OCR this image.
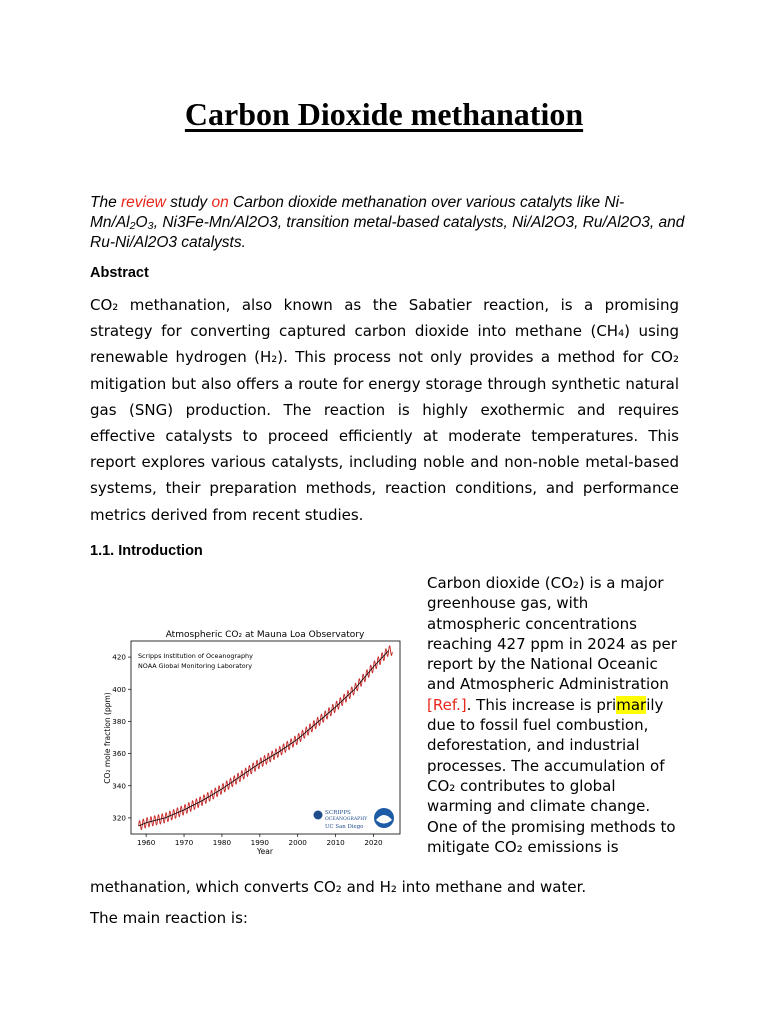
Carbon Dioxide methanation

The review study on Carbon dioxide methanation over various catalyts like Ni-Mn/Al₂O₃, Ni3Fe-Mn/Al2O3, transition metal-based catalysts, Ni/Al2O3, Ru/Al2O3, and Ru-Ni/Al2O3 catalysts.

Abstract

CO₂ methanation, also known as the Sabatier reaction, is a promising strategy for converting captured carbon dioxide into methane (CH₄) using renewable hydrogen (H₂). This process not only provides a method for CO₂ mitigation but also offers a route for energy storage through synthetic natural gas (SNG) production. The reaction is highly exothermic and requires effective catalysts to proceed efficiently at moderate temperatures. This report explores various catalysts, including noble and non-noble metal-based systems, their preparation methods, reaction conditions, and performance metrics derived from recent studies.

1.1. Introduction
Atmospheric CO₂ at Mauna Loa Observatory
Scripps Institution of Oceanography
NOAA Global Monitoring Laboratory
1960	1970	1980	1990	2000	2010	2020
320
340
360
380
400
420
SCRIPPS
OCEANOGRAPHY
UC San Diego
Year
CO₂ mole fraction (ppm)

Carbon dioxide (CO₂) is a major greenhouse gas, with atmospheric concentrations reaching 427 ppm in 2024 as per report by the National Oceanic and Atmospheric Administration [Ref.]. This increase is primarily due to fossil fuel combustion, deforestation, and industrial processes. The accumulation of CO₂ contributes to global warming and climate change. One of the promising methods to mitigate CO₂ emissions is

methanation, which converts CO₂ and H₂ into methane and water.

The main reaction is:
